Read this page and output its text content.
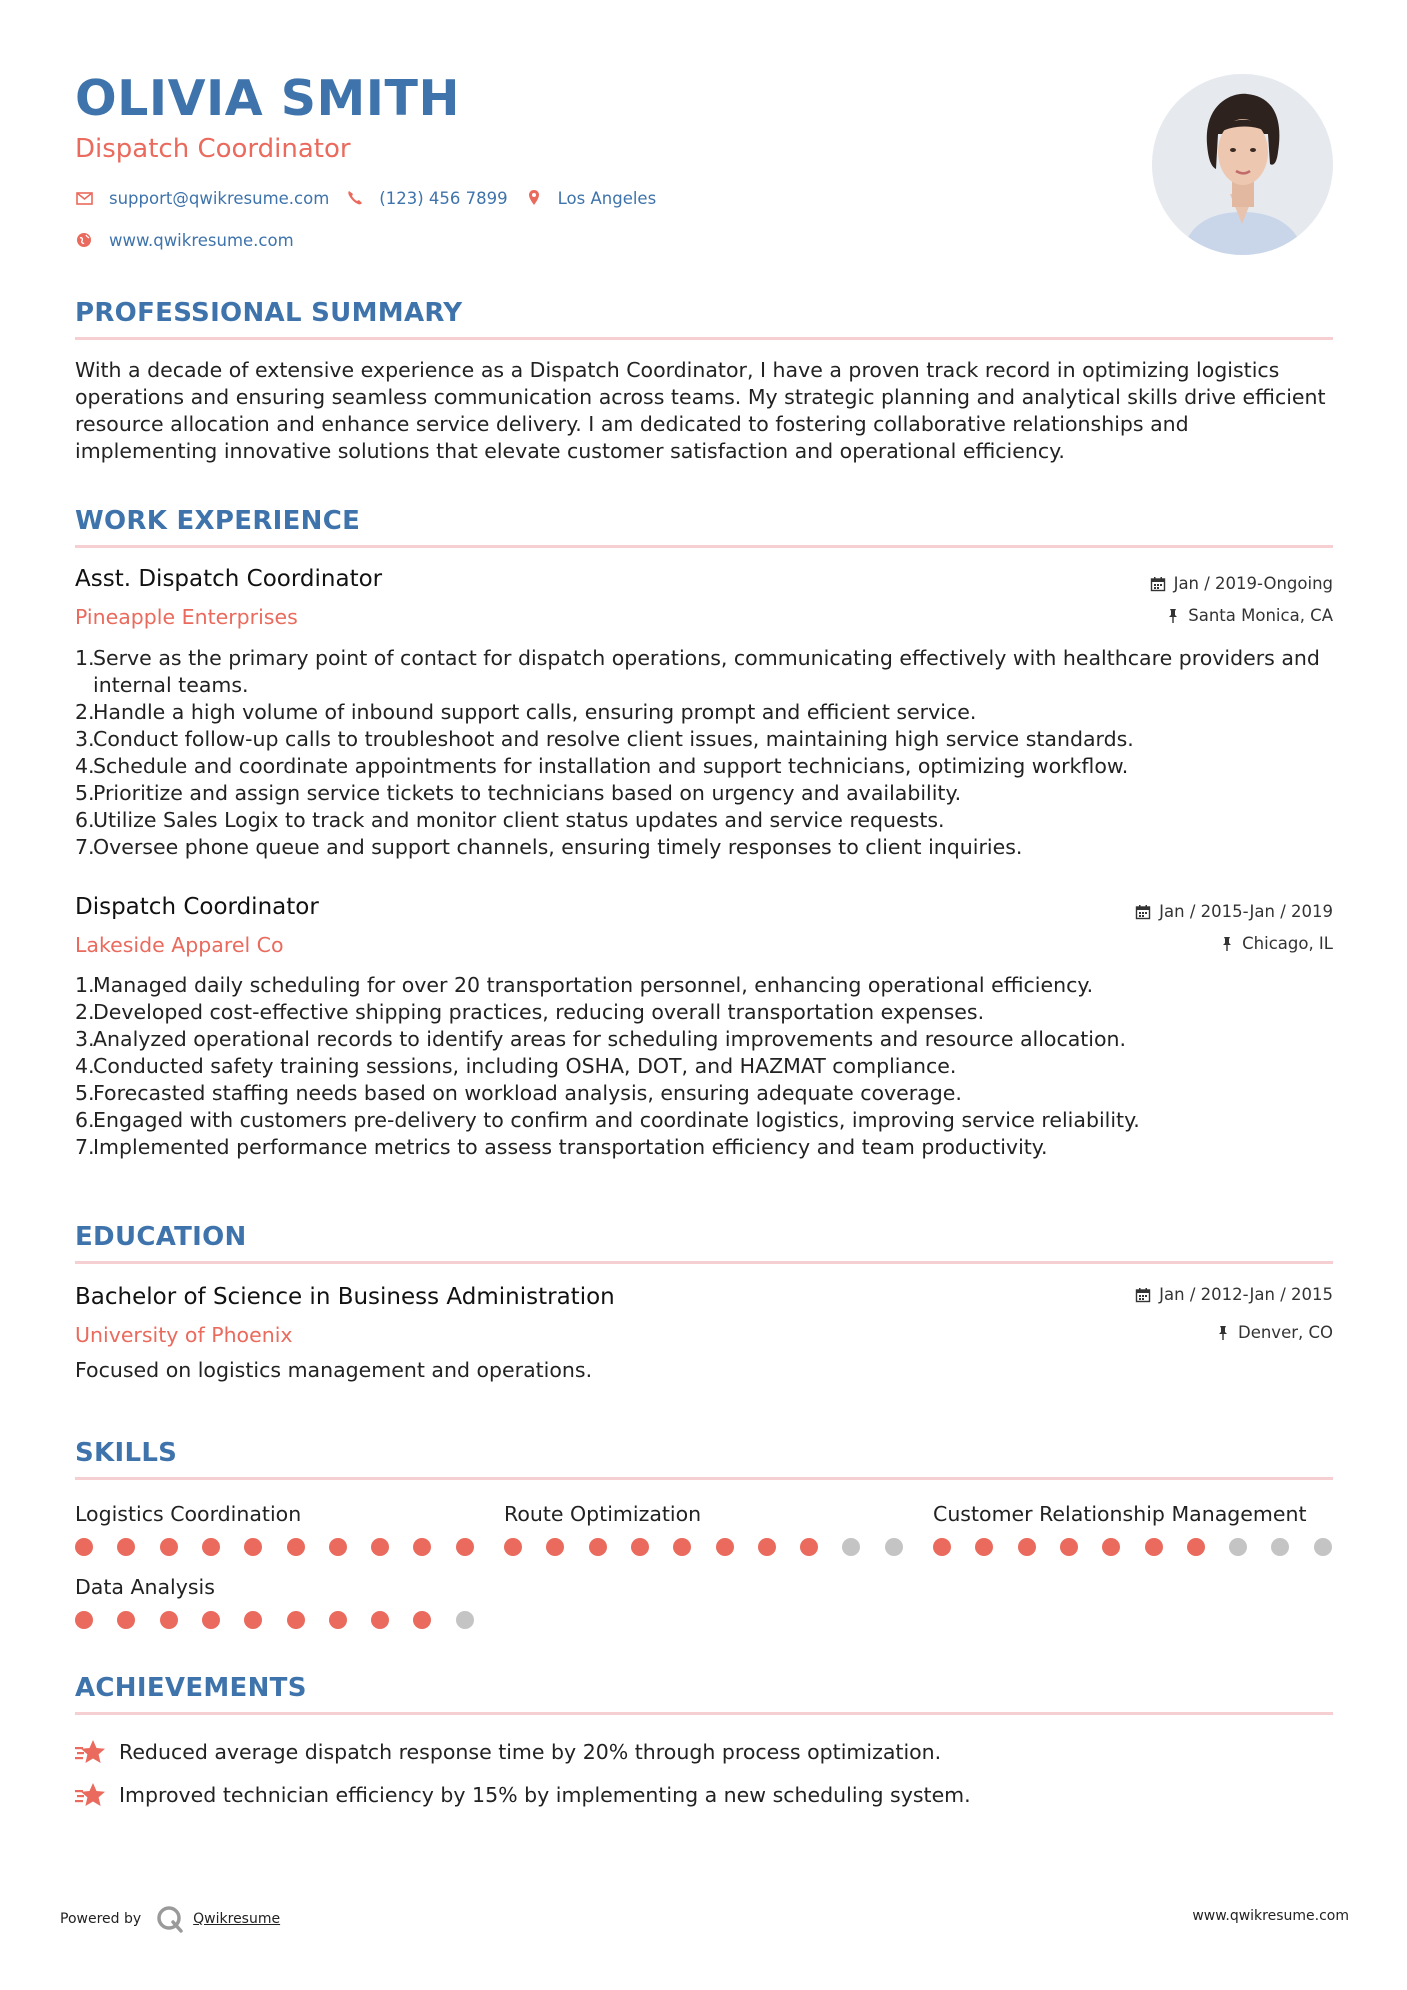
OLIVIA SMITH
Dispatch Coordinator
support@qwikresume.com	(123) 456 7899	Los Angeles
www.qwikresume.com
PROFESSIONAL SUMMARY
With a decade of extensive experience as a Dispatch Coordinator, I have a proven track record in optimizing logistics operations and ensuring seamless communication across teams. My strategic planning and analytical skills drive efficient resource allocation and enhance service delivery. I am dedicated to fostering collaborative relationships and implementing innovative solutions that elevate customer satisfaction and operational efficiency.
WORK EXPERIENCE
Asst. Dispatch Coordinator
Pineapple Enterprises
Jan / 2019-Ongoing
Santa Monica, CA
1.
Serve as the primary point of contact for dispatch operations, communicating effectively with healthcare providers and internal teams.
2.
Handle a high volume of inbound support calls, ensuring prompt and efficient service.
3.
Conduct follow-up calls to troubleshoot and resolve client issues, maintaining high service standards.
4.
Schedule and coordinate appointments for installation and support technicians, optimizing workflow.
5.
Prioritize and assign service tickets to technicians based on urgency and availability.
6.
Utilize Sales Logix to track and monitor client status updates and service requests.
7.
Oversee phone queue and support channels, ensuring timely responses to client inquiries.
Dispatch Coordinator
Lakeside Apparel Co
Jan / 2015-Jan / 2019
Chicago, IL
1.
Managed daily scheduling for over 20 transportation personnel, enhancing operational efficiency.
2.
Developed cost-effective shipping practices, reducing overall transportation expenses.
3.
Analyzed operational records to identify areas for scheduling improvements and resource allocation.
4.
Conducted safety training sessions, including OSHA, DOT, and HAZMAT compliance.
5.
Forecasted staffing needs based on workload analysis, ensuring adequate coverage.
6.
Engaged with customers pre-delivery to confirm and coordinate logistics, improving service reliability.
7.
Implemented performance metrics to assess transportation efficiency and team productivity.
EDUCATION
Bachelor of Science in Business Administration
University of Phoenix
Jan / 2012-Jan / 2015
Denver, CO
Focused on logistics management and operations.
SKILLS
Logistics Coordination	Route Optimization	Customer Relationship Management
Data Analysis
ACHIEVEMENTS
Reduced average dispatch response time by 20% through process optimization.
Improved technician efficiency by 15% by implementing a new scheduling system.
Powered by	Qwikresume	www.qwikresume.com
